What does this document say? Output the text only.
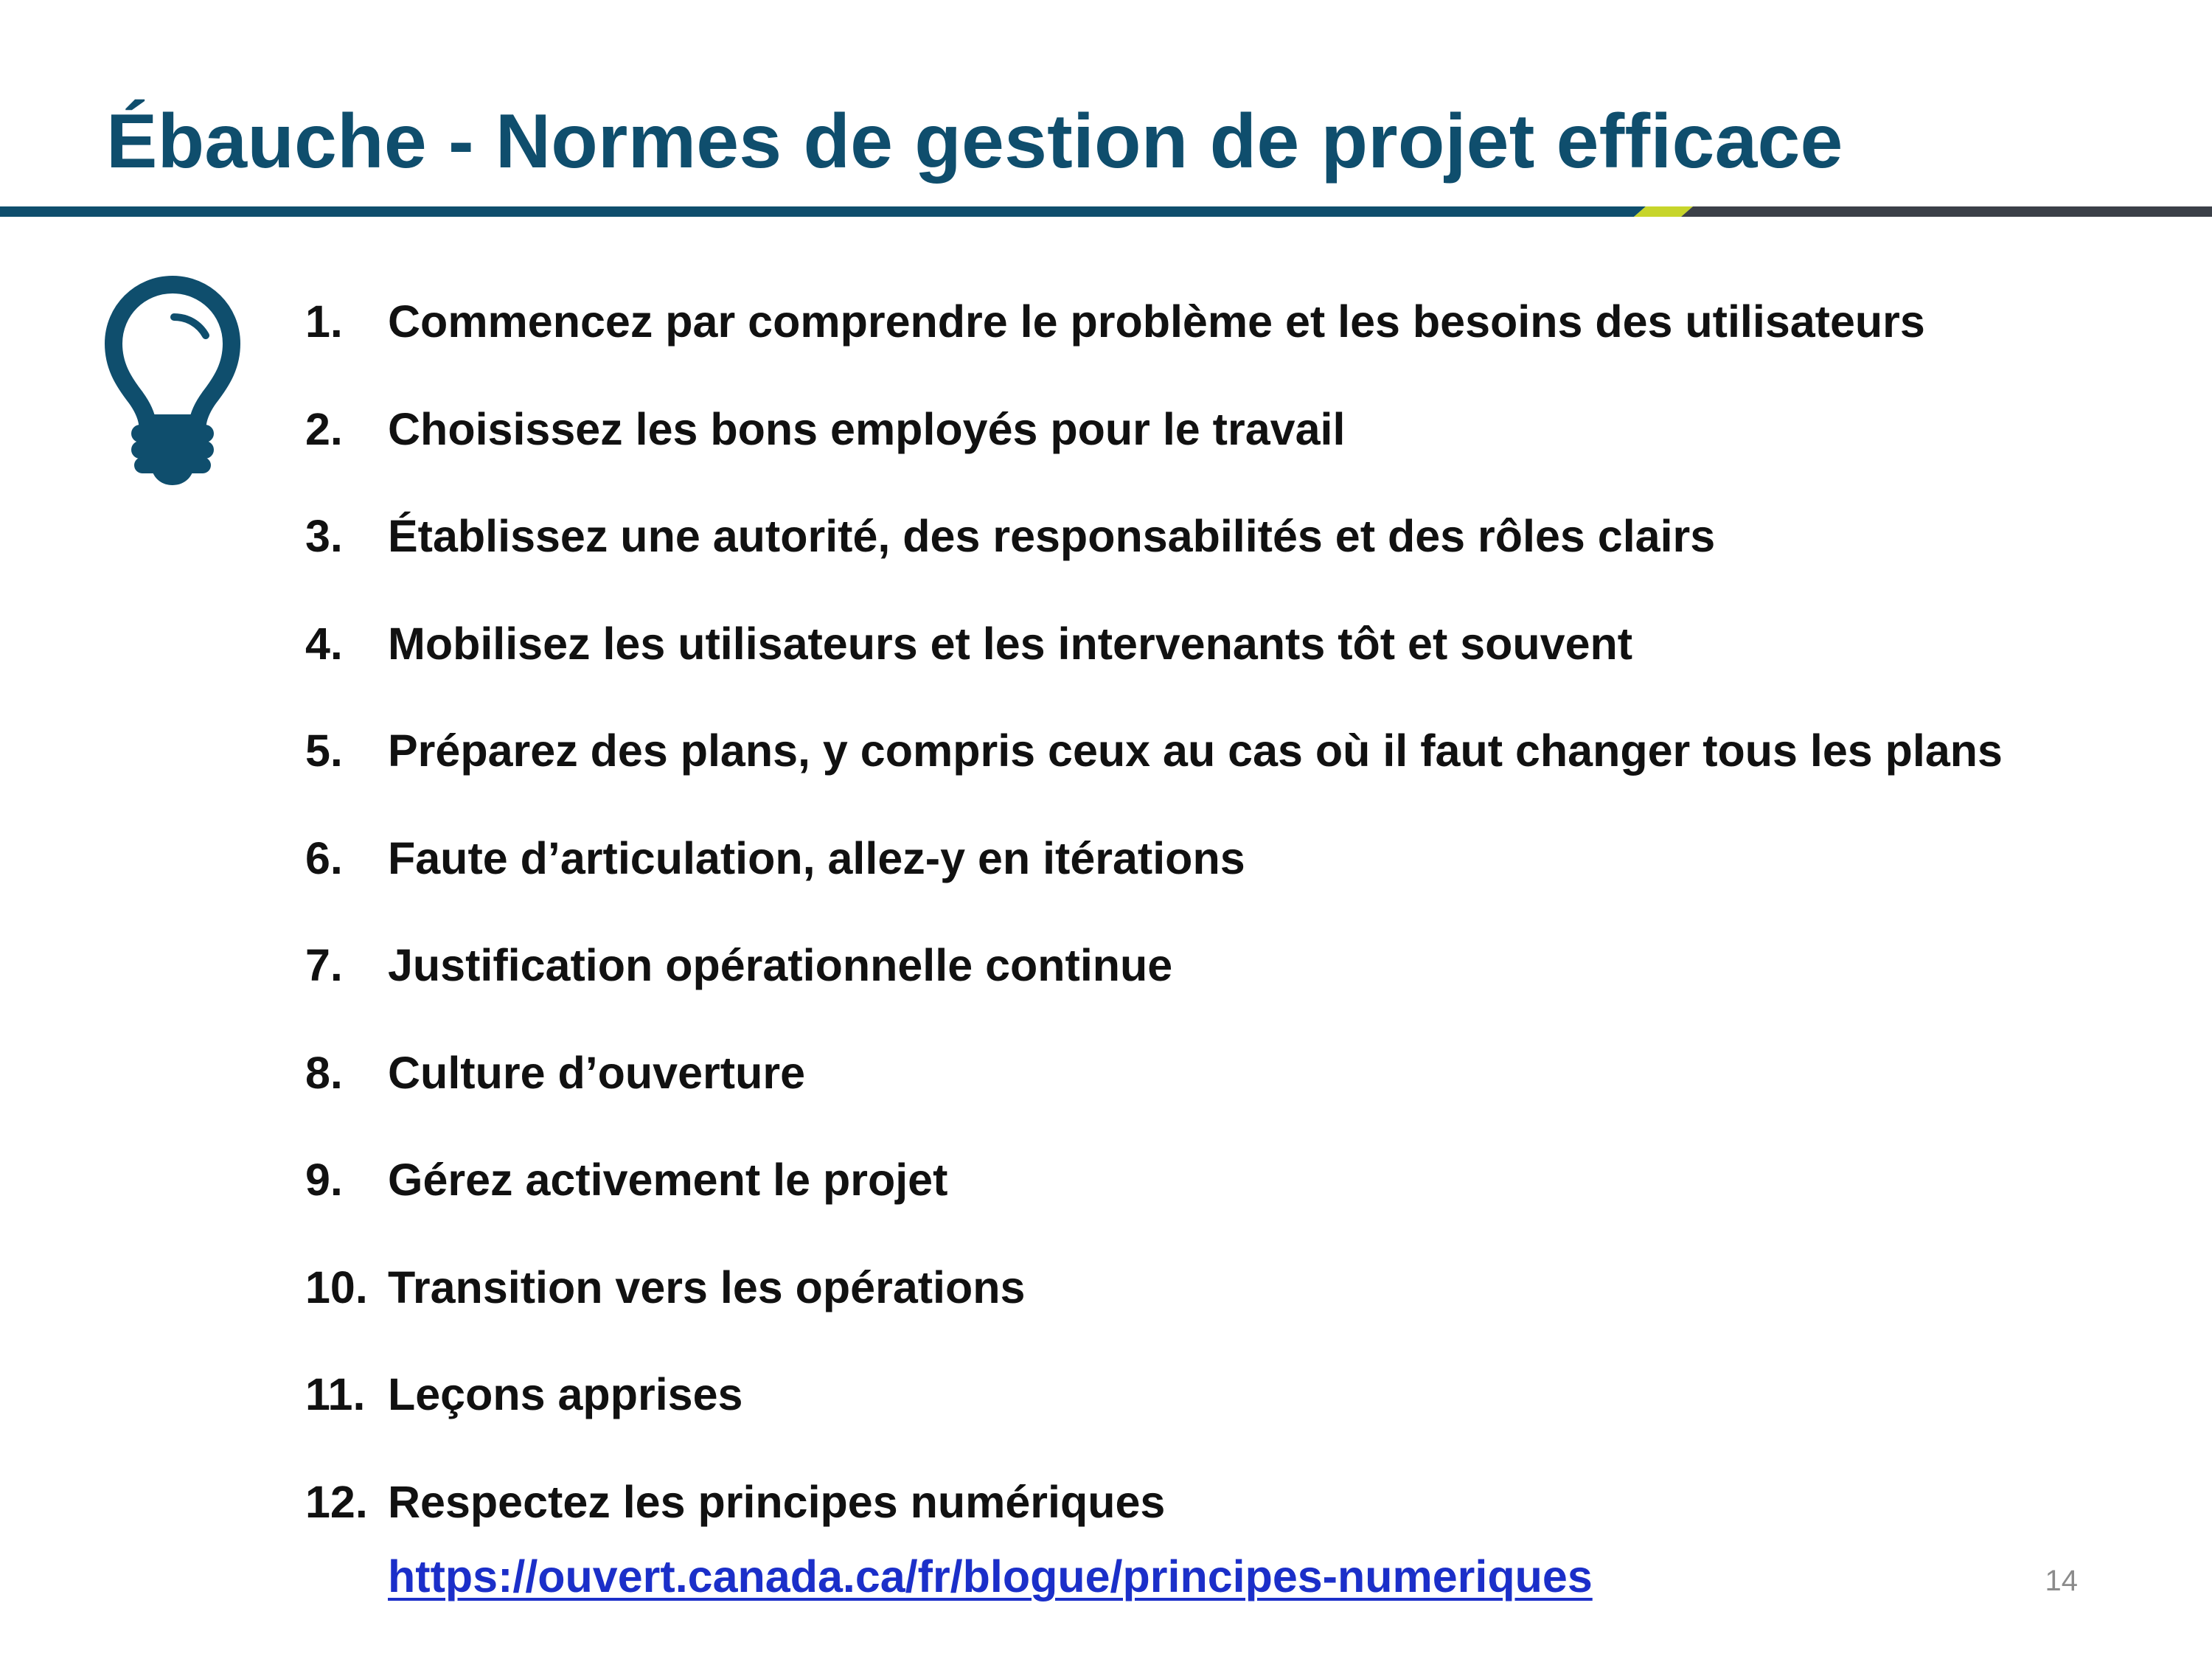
Ébauche - Normes de gestion de projet efficace
1. Commencez par comprendre le problème et les besoins des utilisateurs
2. Choisissez les bons employés pour le travail
3. Établissez une autorité, des responsabilités et des rôles clairs
4. Mobilisez les utilisateurs et les intervenants tôt et souvent
5. Préparez des plans, y compris ceux au cas où il faut changer tous les plans
6. Faute d’articulation, allez-y en itérations
7. Justification opérationnelle continue
8. Culture d’ouverture
9. Gérez activement le projet
10. Transition vers les opérations
11. Leçons apprises
12. Respectez les principes numériques
https://ouvert.canada.ca/fr/blogue/principes-numeriques	14
